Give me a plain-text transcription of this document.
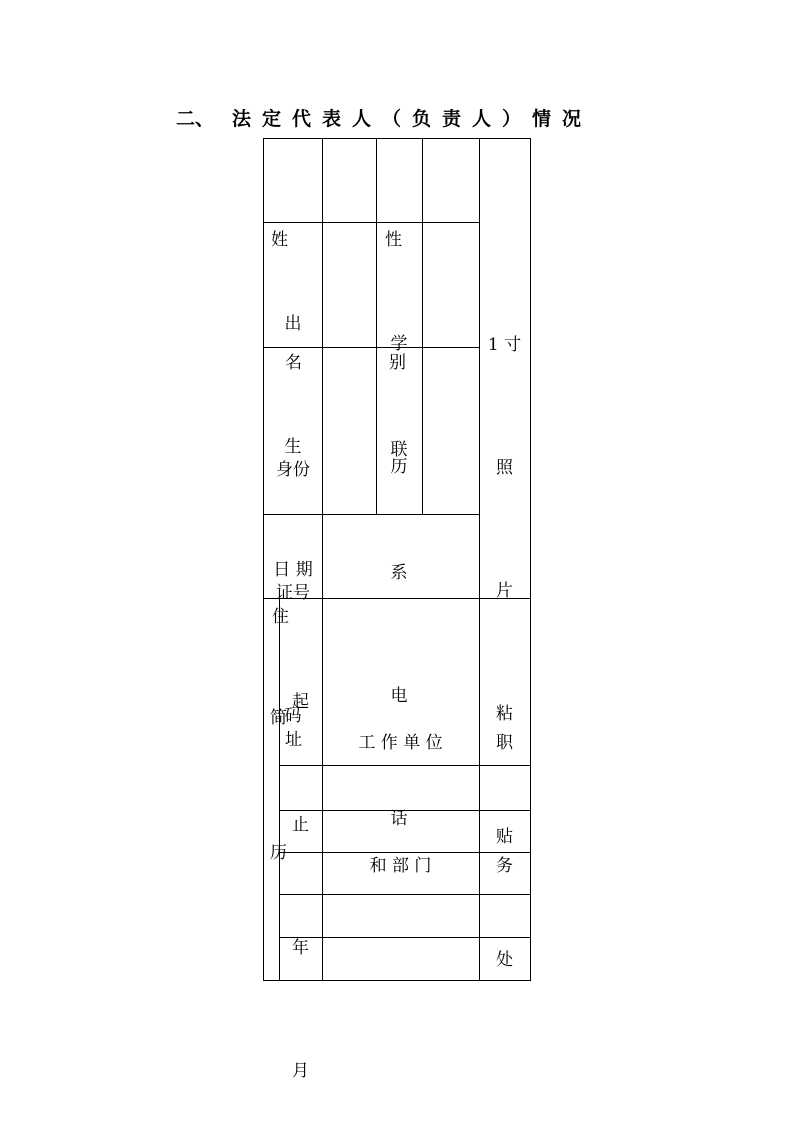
二、 法定代表人（负责人）情况

姓

名

性

别

出

生

日 期

学

历

身份

证号

码

联

系

电

话

住

址

1 寸

照

片

粘

贴

处

简
历

起

止

年

月

工 作 单 位

和 部 门

职

务
